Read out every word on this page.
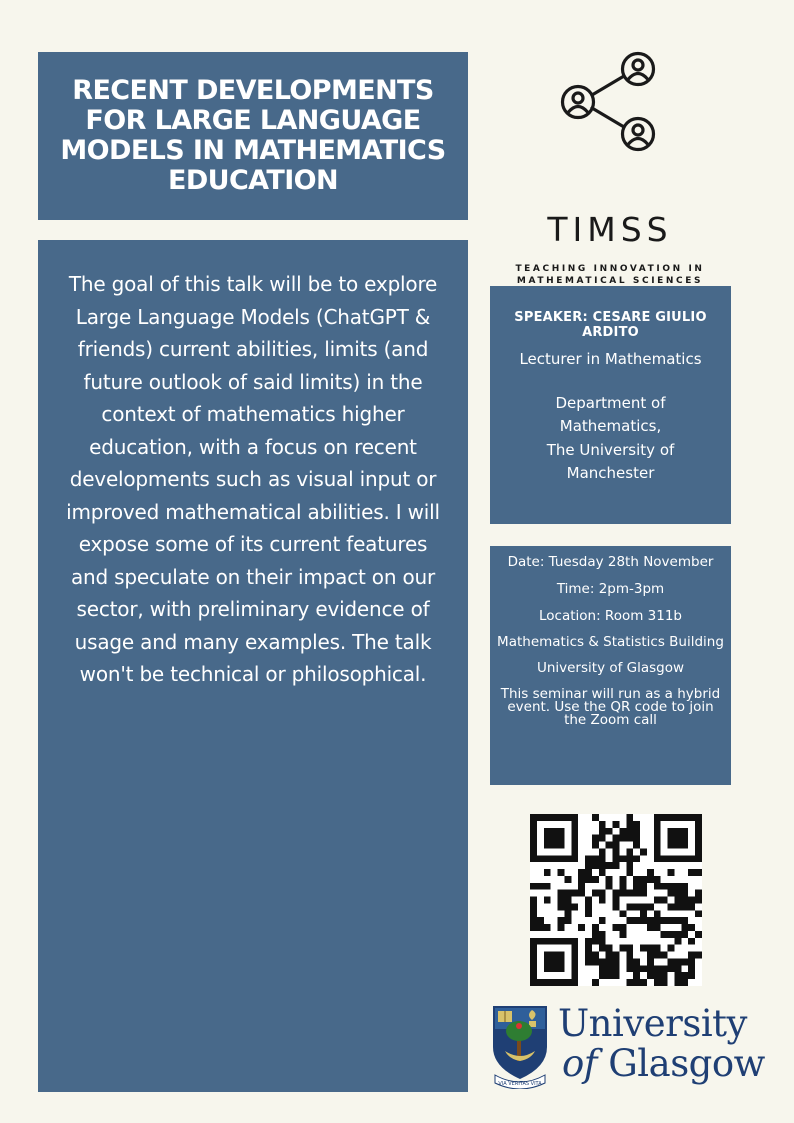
RECENT DEVELOPMENTS FOR LARGE LANGUAGE MODELS IN MATHEMATICS EDUCATION
The goal of this talk will be to explore Large Language Models (ChatGPT & friends) current abilities, limits (and future outlook of said limits) in the context of mathematics higher education, with a focus on recent developments such as visual input or improved mathematical abilities. I will expose some of its current features and speculate on their impact on our sector, with preliminary evidence of usage and many examples. The talk won't be technical or philosophical.
TIMSS
TEACHING INNOVATION IN
MATHEMATICAL SCIENCES

SPEAKER: CESARE GIULIO ARDITO
Lecturer in Mathematics
Department of
Mathematics,
The University of
Manchester
Date: Tuesday 28th November
Time: 2pm-3pm
Location: Room 311b
Mathematics & Statistics Building
University of Glasgow
This seminar will run as a hybrid event. Use the QR code to join the Zoom call
VIA VERITAS VITA
University
of Glasgow
